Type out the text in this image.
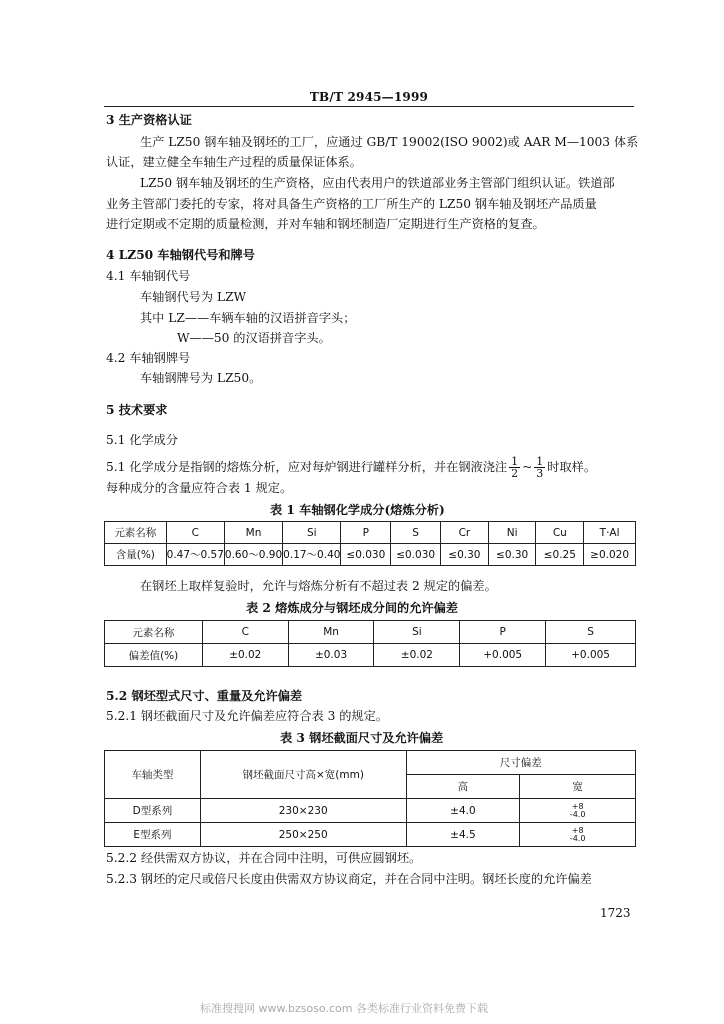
TB/T 2945—1999
3 生产资格认证
生产 LZ50 钢车轴及钢坯的工厂，应通过 GB/T 19002(ISO 9002)或 AAR M—1003 体系
认证，建立健全车轴生产过程的质量保证体系。
LZ50 钢车轴及钢坯的生产资格，应由代表用户的铁道部业务主管部门组织认证。铁道部
业务主管部门委托的专家，将对具备生产资格的工厂所生产的 LZ50 钢车轴及钢坯产品质量
进行定期或不定期的质量检测，并对车轴和钢坯制造厂定期进行生产资格的复查。
4 LZ50 车轴钢代号和牌号
4.1 车轴钢代号
车轴钢代号为 LZW
其中 LZ——车辆车轴的汉语拼音字头；
W——50 的汉语拼音字头。
4.2 车轴钢牌号
车轴钢牌号为 LZ50。
5 技术要求
5.1 化学成分
5.1 化学成分是指钢的熔炼分析，应对每炉钢进行罐样分析，并在钢液浇注 $\frac{1}{2}$ ~ $\frac{1}{3}$ 时取样。
每种成分的含量应符合表 1 规定。
表 1 车轴钢化学成分(熔炼分析)
元素名称	C	Mn	Si	P	S	Cr	Ni	Cu	T·Al
含量(%)	0.47～0.57	0.60～0.90	0.17～0.40	≤0.030	≤0.030	≤0.30	≤0.30	≤0.25	≥0.020
在钢坯上取样复验时，允许与熔炼分析有不超过表 2 规定的偏差。
表 2 熔炼成分与钢坯成分间的允许偏差
元素名称	C	Mn	Si	P	S
偏差值(%)	±0.02	±0.03	±0.02	+0.005	+0.005
5.2 钢坯型式尺寸、重量及允许偏差
5.2.1 钢坯截面尺寸及允许偏差应符合表 3 的规定。
表 3 钢坯截面尺寸及允许偏差
车轴类型	钢坯截面尺寸高×宽(mm)	尺寸偏差	
		高	宽
D型系列	230×230	±4.0	+8
-4.0

E型系列	250×250	±4.5	+8
-4.0
5.2.2 经供需双方协议，并在合同中注明，可供应圆钢坯。
5.2.3 钢坯的定尺或倍尺长度由供需双方协议商定，并在合同中注明。钢坯长度的允许偏差
1723
标准搜搜网 www.bzsoso.com 各类标准行业资料免费下载
